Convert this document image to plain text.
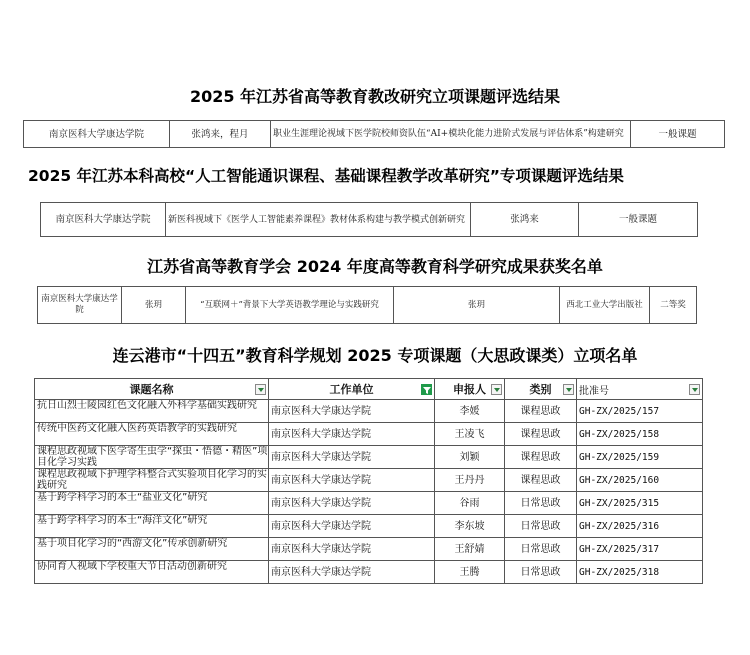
2025 年江苏省高等教育教改研究立项课题评选结果
南京医科大学康达学院	张鸿来，程月	职业生涯理论视域下医学院校师资队伍“AI+模块化能力进阶式发展与评估体系”构建研究	一般课题
2025 年江苏本科高校“人工智能通识课程、基础课程教学改革研究”专项课题评选结果
南京医科大学康达学院	新医科视域下《医学人工智能素养课程》教材体系构建与教学模式创新研究	张鸿来	一般课题
江苏省高等教育学会 2024 年度高等教育科学研究成果获奖名单
南京医科大学康达学院	张玥	“互联网＋”背景下大学英语教学理论与实践研究	张玥	西北工业大学出版社	二等奖
连云港市“十四五”教育科学规划 2025 专项课题（大思政课类）立项名单
课题名称	工作单位	申报人	类别	批准号

抗日山烈士陵园红色文化融入外科学基础实践研究	南京医科大学康达学院	李媛	课程思政	GH-ZX/2025/157

传统中医药文化融入医药英语教学的实践研究	南京医科大学康达学院	王凌飞	课程思政	GH-ZX/2025/158

课程思政视域下医学寄生虫学“探虫・悟德・精医”项目化学习实践	南京医科大学康达学院	刘颖	课程思政	GH-ZX/2025/159

课程思政视域下护理学科整合式实验项目化学习的实践研究	南京医科大学康达学院	王丹丹	课程思政	GH-ZX/2025/160

基于跨学科学习的本土“盐业文化”研究	南京医科大学康达学院	谷雨	日常思政	GH-ZX/2025/315

基于跨学科学习的本土“海洋文化”研究	南京医科大学康达学院	李东坡	日常思政	GH-ZX/2025/316

基于项目化学习的“西游文化”传承创新研究	南京医科大学康达学院	王舒婧	日常思政	GH-ZX/2025/317

协同育人视域下学校重大节日活动创新研究	南京医科大学康达学院	王腾	日常思政	GH-ZX/2025/318
